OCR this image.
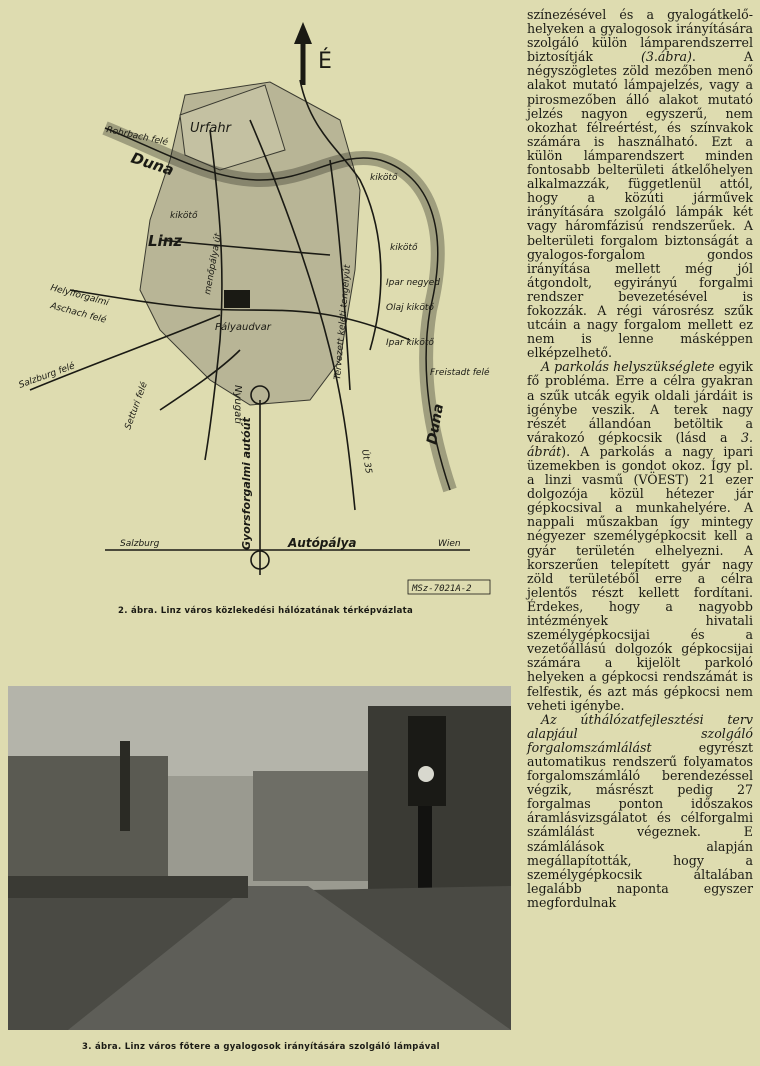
É
Urfahr
Linz
Duna
Duna
Rohrbach felé
kikötő
kikötő
kikötő
Ipar negyed
Olaj kikötő
Ipar kikötő
Freistadt felé
Helyiforgalmi
Aschach felé
Salzburg felé
Setturi felé	Nyugati
Pályaudvar
menőpálya út
Tervezett keleti tengelyút
Gyorsforgalmi autóút	Autópálya
Salzburg	Wien
Út 35
MSz-7021A-2
2. ábra. Linz város közlekedési hálózatának térképvázlata
3. ábra. Linz város főtere a gyalogosok irányítására szolgáló lámpával

színezésével és a gyalogátkelő-helyeken a gyalogosok irányítására szolgáló külön lámparendszerrel biztosítják (3.ábra). A négyszögletes zöld mezőben menő alakot mutató lámpajelzés, vagy a pirosmezőben álló alakot mutató jelzés nagyon egyszerű, nem okozhat félreértést, és színvakok számára is használható. Ezt a külön lámparendszert minden fontosabb belterületi átkelőhelyen alkalmazzák, függetlenül attól, hogy a közúti járművek irányítására szolgáló lámpák két vagy háromfázisú rendszerűek. A belterületi forgalom biztonságát a gyalogos-forgalom gondos irányítása mellett még jól átgondolt, egyirányú forgalmi rendszer bevezetésével is fokozzák. A régi városrész szűk utcáin a nagy forgalom mellett ez nem is lenne másképpen elképzelhető.

A parkolás helyszükséglete egyik fő probléma. Erre a célra gyakran a szűk utcák egyik oldali járdáit is igénybe veszik. A terek nagy részét állandóan betöltik a várakozó gépkocsik (lásd a 3. ábrát). A parkolás a nagy ipari üzemekben is gondot okoz. Így pl. a linzi vasmű (VÖEST) 21 ezer dolgozója közül hétezer jár gépkocsival a munkahelyére. A nappali műszakban így mintegy négyezer személygépkocsit kell a gyár területén elhelyezni. A korszerűen telepített gyár nagy zöld területéből erre a célra jelentős részt kellett fordítani. Érdekes, hogy a nagyobb intézmények hivatali személygépkocsijai és a vezetőállású dolgozók gépkocsijai számára a kijelölt parkoló helyeken a gépkocsi rendszámát is felfestik, és azt más gépkocsi nem veheti igénybe.

Az úthálózatfejlesztési terv alapjául szolgáló forgalomszámlálást egyrészt automatikus rendszerű folyamatos forgalomszámláló berendezéssel végzik, másrészt pedig 27 forgalmas ponton időszakos áramlásvizsgálatot és célforgalmi számlálást végeznek. E számlálások alapján megállapították, hogy a személygépkocsik általában legalább naponta egyszer megfordulnak
